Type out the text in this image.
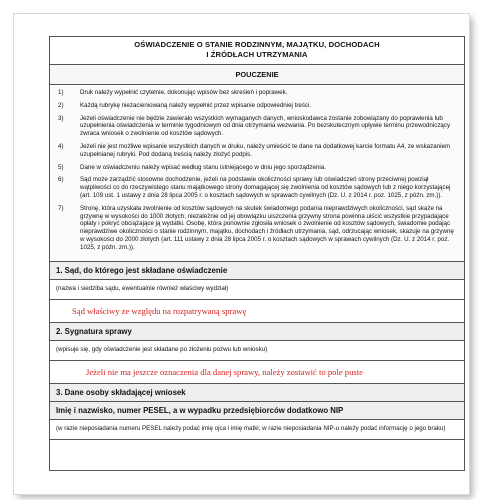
OŚWIADCZENIE O STANIE RODZINNYM, MAJĄTKU, DOCHODACH
I ŹRÓDŁACH UTRZYMANIA
POUCZENIE
1)	Druk należy wypełnić czytelnie, dokonując wpisów bez skreśleń i poprawek.
2)	Każdą rubrykę niezacieniowaną należy wypełnić przez wpisanie odpowiedniej treści.
3)	Jeżeli oświadczenie nie będzie zawierało wszystkich wymaganych danych, wnioskodawca zostanie zobowiązany do poprawienia lub uzupełnienia oświadczenia w terminie tygodniowym od dnia otrzymania wezwania. Po bezskutecznym upływie terminu przewodniczący zwraca wniosek o zwolnienie od kosztów sądowych.
4)	Jeżeli nie jest możliwe wpisanie wszystkich danych w druku, należy umieścić te dane na dodatkowej karcie formatu A4, ze wskazaniem uzupełnianej rubryki. Pod dodaną treścią należy złożyć podpis.
5)	Dane w oświadczeniu należy wpisać według stanu istniejącego w dniu jego sporządzenia.
6)	Sąd może zarządzić stosowne dochodzenie, jeżeli na podstawie okoliczności sprawy lub oświadczeń strony przeciwnej powziął wątpliwości co do rzeczywistego stanu majątkowego strony domagającej się zwolnienia od kosztów sądowych lub z niego korzystającej (art. 109 ust. 1 ustawy z dnia 28 lipca 2005 r. o kosztach sądowych w sprawach cywilnych (Dz. U. z 2014 r. poz. 1025, z późn. zm.)).
7)	Stronę, która uzyskała zwolnienie od kosztów sądowych na skutek świadomego podania nieprawdziwych okoliczności, sąd skaże na grzywnę w wysokości do 1000 złotych; niezależnie od jej obowiązku uiszczenia grzywny strona powinna uiścić wszystkie przypadające opłaty i pokryć obciążające ją wydatki. Osobę, która ponownie zgłosiła wniosek o zwolnienie od kosztów sądowych, świadomie podając nieprawdziwe okoliczności o stanie rodzinnym, majątku, dochodach i źródłach utrzymania, sąd, odrzucając wniosek, skazuje na grzywnę w wysokości do 2000 złotych (art. 111 ustawy z dnia 28 lipca 2005 r. o kosztach sądowych w sprawach cywilnych (Dz. U. z 2014 r. poz. 1025, z późn. zm.)).
1. Sąd, do którego jest składane oświadczenie
(nazwa i siedziba sądu, ewentualnie również właściwy wydział)
Sąd właściwy ze względu na rozpatrywaną sprawę
2. Sygnatura sprawy
(wpisuje się, gdy oświadczenie jest składane po złożeniu pozwu lub wniosku)
Jeżeli nie ma jeszcze oznaczenia dla danej sprawy, należy zostawić to pole puste
3. Dane osoby składającej wniosek
Imię i nazwisko, numer PESEL, a w wypadku przedsiębiorców dodatkowo NIP
(w razie nieposiadania numeru PESEL należy podać imię ojca i imię matki; w razie nieposiadania NIP-u należy podać informację o jego braku)
